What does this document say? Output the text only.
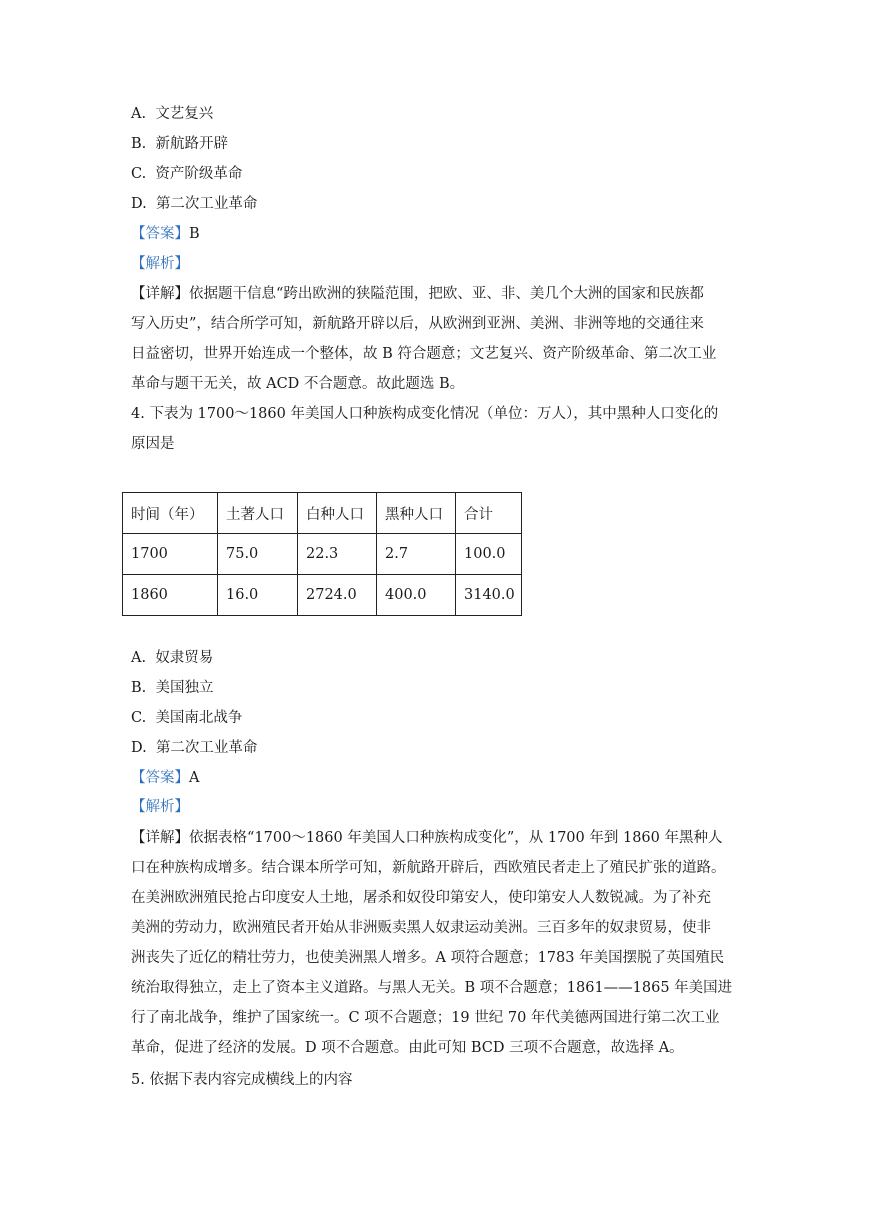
A. 文艺复兴
B. 新航路开辟
C. 资产阶级革命
D. 第二次工业革命
【答案】B
【解析】
【详解】依据题干信息“跨出欧洲的狭隘范围，把欧、亚、非、美几个大洲的国家和民族都
写入历史”，结合所学可知，新航路开辟以后，从欧洲到亚洲、美洲、非洲等地的交通往来
日益密切，世界开始连成一个整体，故 B 符合题意；文艺复兴、资产阶级革命、第二次工业
革命与题干无关，故 ACD 不合题意。故此题选 B。
4. 下表为 1700～1860 年美国人口种族构成变化情况（单位：万人），其中黑种人口变化的
原因是
时间（年）	土著人口	白种人口	黑种人口	合计
1700	75.0	22.3	2.7	100.0
1860	16.0	2724.0	400.0	3140.0
A. 奴隶贸易
B. 美国独立
C. 美国南北战争
D. 第二次工业革命
【答案】A
【解析】
【详解】依据表格“1700～1860 年美国人口种族构成变化”，从 1700 年到 1860 年黑种人
口在种族构成增多。结合课本所学可知，新航路开辟后，西欧殖民者走上了殖民扩张的道路。
在美洲欧洲殖民抢占印度安人土地，屠杀和奴役印第安人，使印第安人人数锐减。为了补充
美洲的劳动力，欧洲殖民者开始从非洲贩卖黑人奴隶运动美洲。三百多年的奴隶贸易，使非
洲丧失了近亿的精壮劳力，也使美洲黑人增多。A 项符合题意；1783 年美国摆脱了英国殖民
统治取得独立，走上了资本主义道路。与黑人无关。B 项不合题意；1861——1865 年美国进
行了南北战争，维护了国家统一。C 项不合题意；19 世纪 70 年代美德两国进行第二次工业
革命，促进了经济的发展。D 项不合题意。由此可知 BCD 三项不合题意，故选择 A。
5. 依据下表内容完成横线上的内容
